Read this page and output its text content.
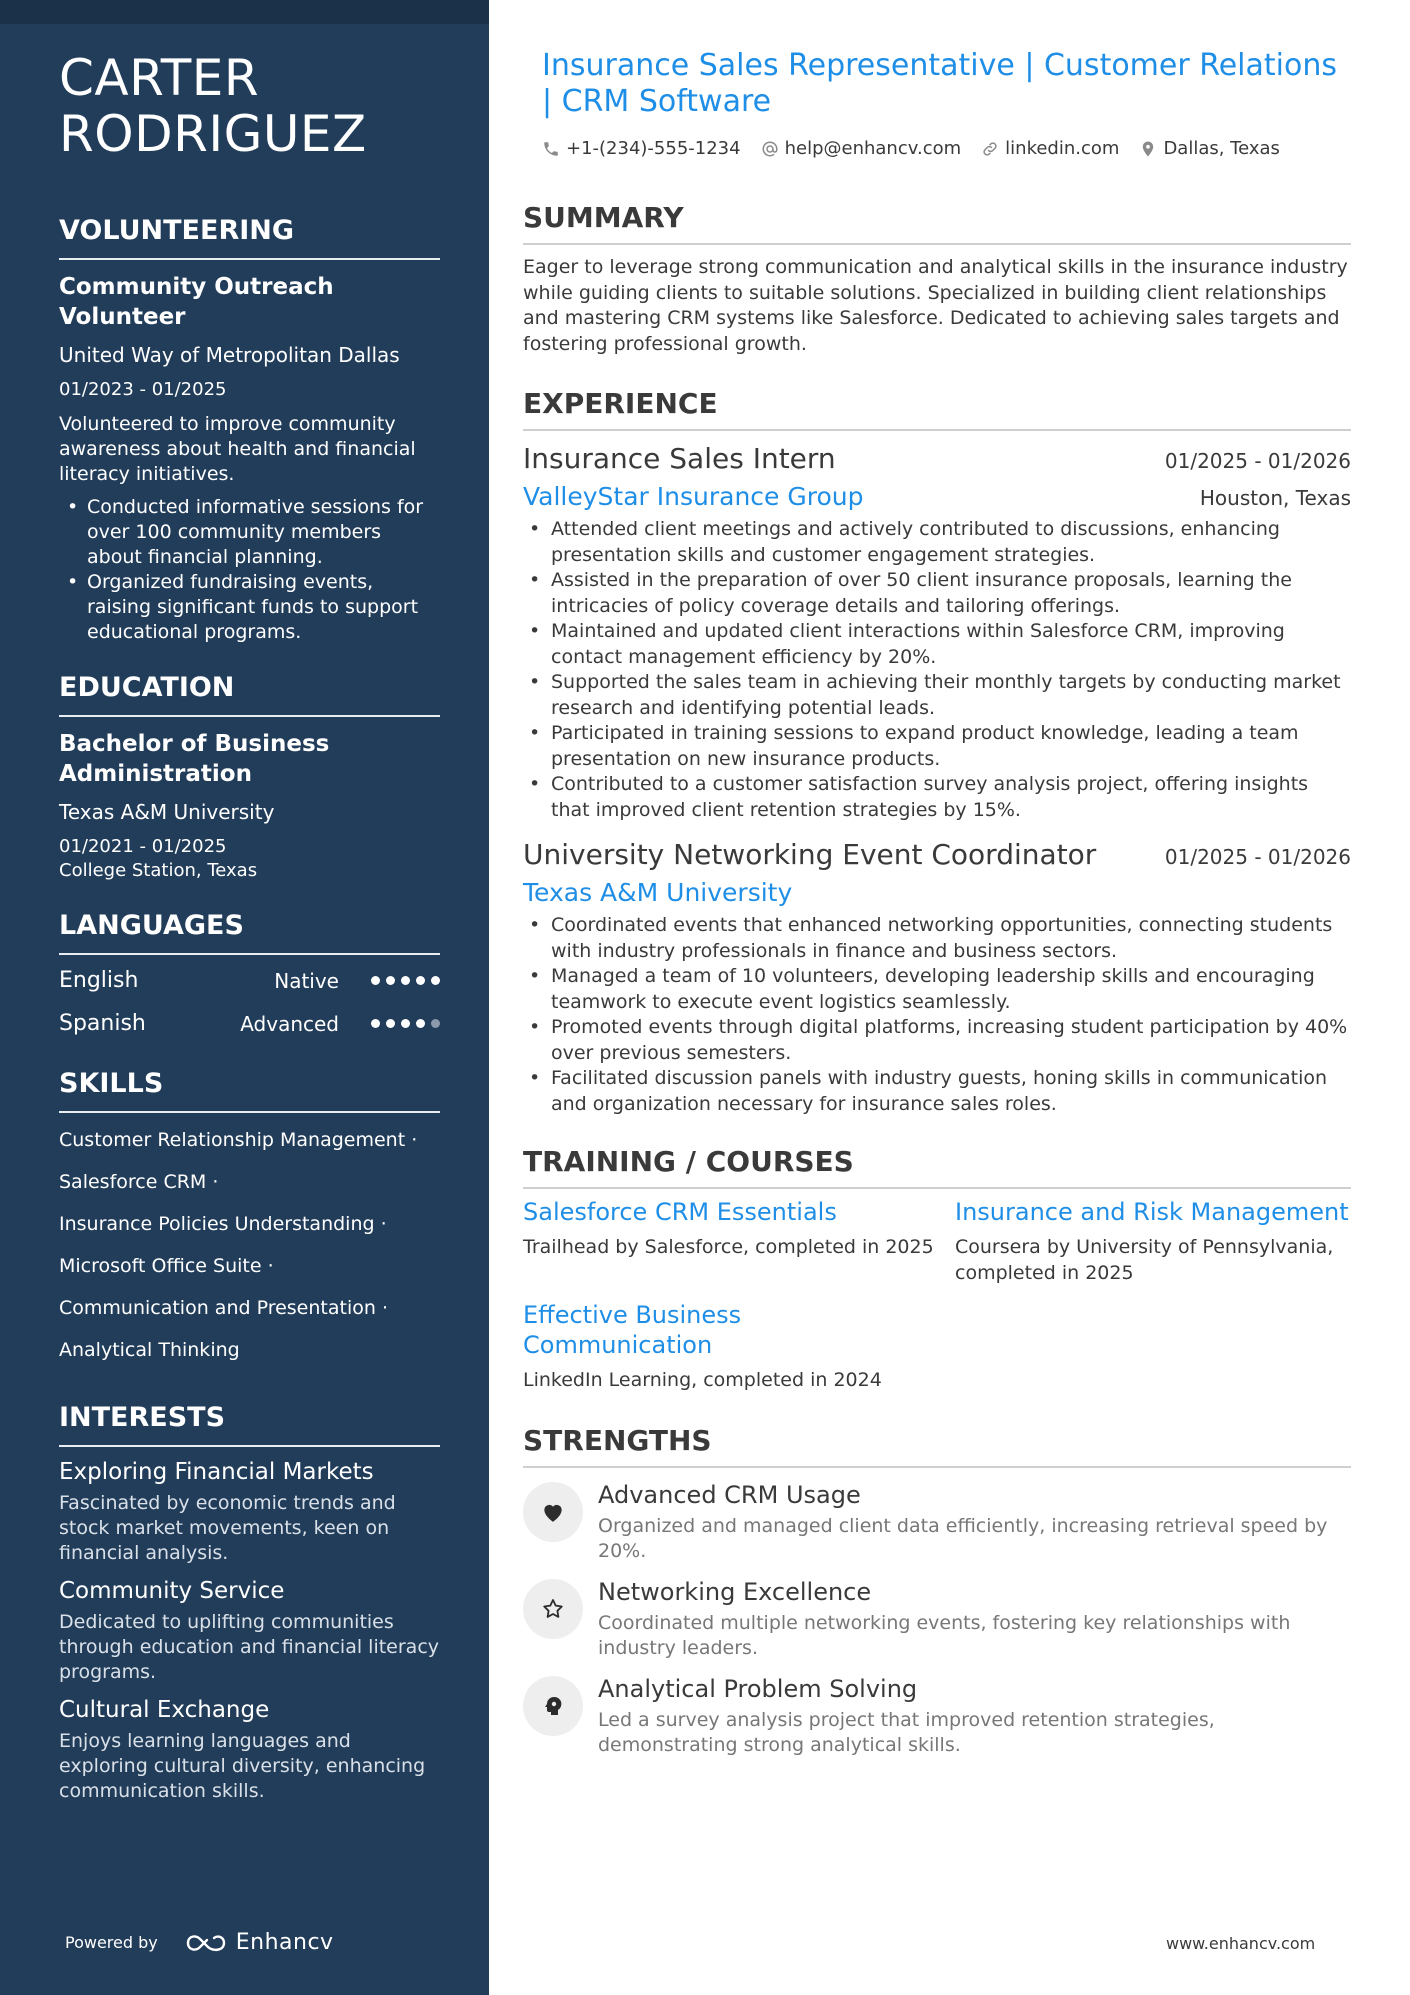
CARTER RODRIGUEZ
VOLUNTEERING
Community Outreach Volunteer
United Way of Metropolitan Dallas
01/2023 - 01/2025
Volunteered to improve community awareness about health and financial literacy initiatives.
• Conducted informative sessions for over 100 community members about financial planning.
• Organized fundraising events, raising significant funds to support educational programs.
EDUCATION
Bachelor of Business Administration
Texas A&M University
01/2021 - 01/2025
College Station, Texas
LANGUAGES
English	Native
Spanish	Advanced
SKILLS
Customer Relationship Management ·
Salesforce CRM ·
Insurance Policies Understanding ·
Microsoft Office Suite ·
Communication and Presentation ·
Analytical Thinking
INTERESTS
Exploring Financial Markets
Fascinated by economic trends and stock market movements, keen on financial analysis.
Community Service
Dedicated to uplifting communities through education and financial literacy programs.
Cultural Exchange
Enjoys learning languages and exploring cultural diversity, enhancing communication skills.
Powered by	Enhancv
Insurance Sales Representative | Customer Relations | CRM Software
+1-(234)-555-1234 help@enhancv.com linkedin.com Dallas, Texas
SUMMARY

Eager to leverage strong communication and analytical skills in the insurance industry while guiding clients to suitable solutions. Specialized in building client relationships and mastering CRM systems like Salesforce. Dedicated to achieving sales targets and fostering professional growth.

EXPERIENCE
Insurance Sales Intern	01/2025 - 01/2026
ValleyStar Insurance Group	Houston, Texas
• Attended client meetings and actively contributed to discussions, enhancing presentation skills and customer engagement strategies.
• Assisted in the preparation of over 50 client insurance proposals, learning the intricacies of policy coverage details and tailoring offerings.
• Maintained and updated client interactions within Salesforce CRM, improving contact management efficiency by 20%.
• Supported the sales team in achieving their monthly targets by conducting market research and identifying potential leads.
• Participated in training sessions to expand product knowledge, leading a team presentation on new insurance products.
• Contributed to a customer satisfaction survey analysis project, offering insights that improved client retention strategies by 15%.
University Networking Event Coordinator	01/2025 - 01/2026
Texas A&M University
• Coordinated events that enhanced networking opportunities, connecting students with industry professionals in finance and business sectors.
• Managed a team of 10 volunteers, developing leadership skills and encouraging teamwork to execute event logistics seamlessly.
• Promoted events through digital platforms, increasing student participation by 40% over previous semesters.
• Facilitated discussion panels with industry guests, honing skills in communication and organization necessary for insurance sales roles.
TRAINING / COURSES
Salesforce CRM Essentials
Trailhead by Salesforce, completed in 2025
Insurance and Risk Management
Coursera by University of Pennsylvania, completed in 2025
Effective Business Communication
LinkedIn Learning, completed in 2024
STRENGTHS
Advanced CRM Usage
Organized and managed client data efficiently, increasing retrieval speed by 20%.
Networking Excellence
Coordinated multiple networking events, fostering key relationships with industry leaders.
Analytical Problem Solving
Led a survey analysis project that improved retention strategies, demonstrating strong analytical skills.
www.enhancv.com
